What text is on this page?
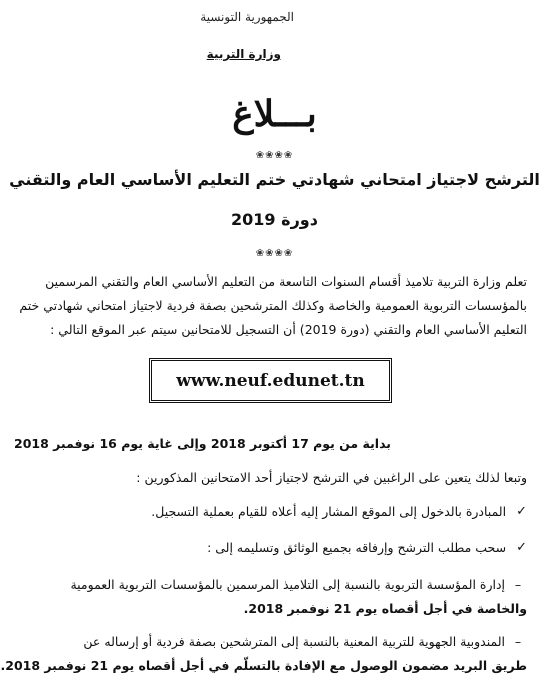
الجمهورية التونسية
وزارة التربية
بـــلاغ
❀❀❀❀
الترشح لاجتياز امتحاني شهادتي ختم التعليم الأساسي العام والتقني
دورة 2019
❀❀❀❀

تعلم وزارة التربية تلاميذ أقسام السنوات التاسعة من التعليم الأساسي العام والتقني المرسمين

بالمؤسسات التربوية العمومية والخاصة وكذلك المترشحين بصفة فردية لاجتياز امتحاني شهادتي ختم

التعليم الأساسي العام والتقني (دورة 2019) أن التسجيل للامتحانين سيتم عبر الموقع التالي :

www.neuf.edunet.tn
بداية من يوم 17 أكتوبر 2018 وإلى غاية يوم 16 نوفمبر 2018
وتبعا لذلك يتعين على الراغبين في الترشح لاجتياز أحد الامتحانين المذكورين :
✓
المبادرة بالدخول إلى الموقع المشار إليه أعلاه للقيام بعملية التسجيل.
✓
سحب مطلب الترشح وإرفاقه بجميع الوثائق وتسليمه إلى :

– إدارة المؤسسة التربوية بالنسبة إلى التلاميذ المرسمين بالمؤسسات التربوية العمومية

والخاصة في أجل أقصاه يوم 21 نوفمبر 2018.

– المندوبية الجهوية للتربية المعنية بالنسبة إلى المترشحين بصفة فردية أو إرساله عن

طريق البريد مضمون الوصول مع الإفادة بالتسلّم في أجل أقصاه يوم 21 نوفمبر 2018.
